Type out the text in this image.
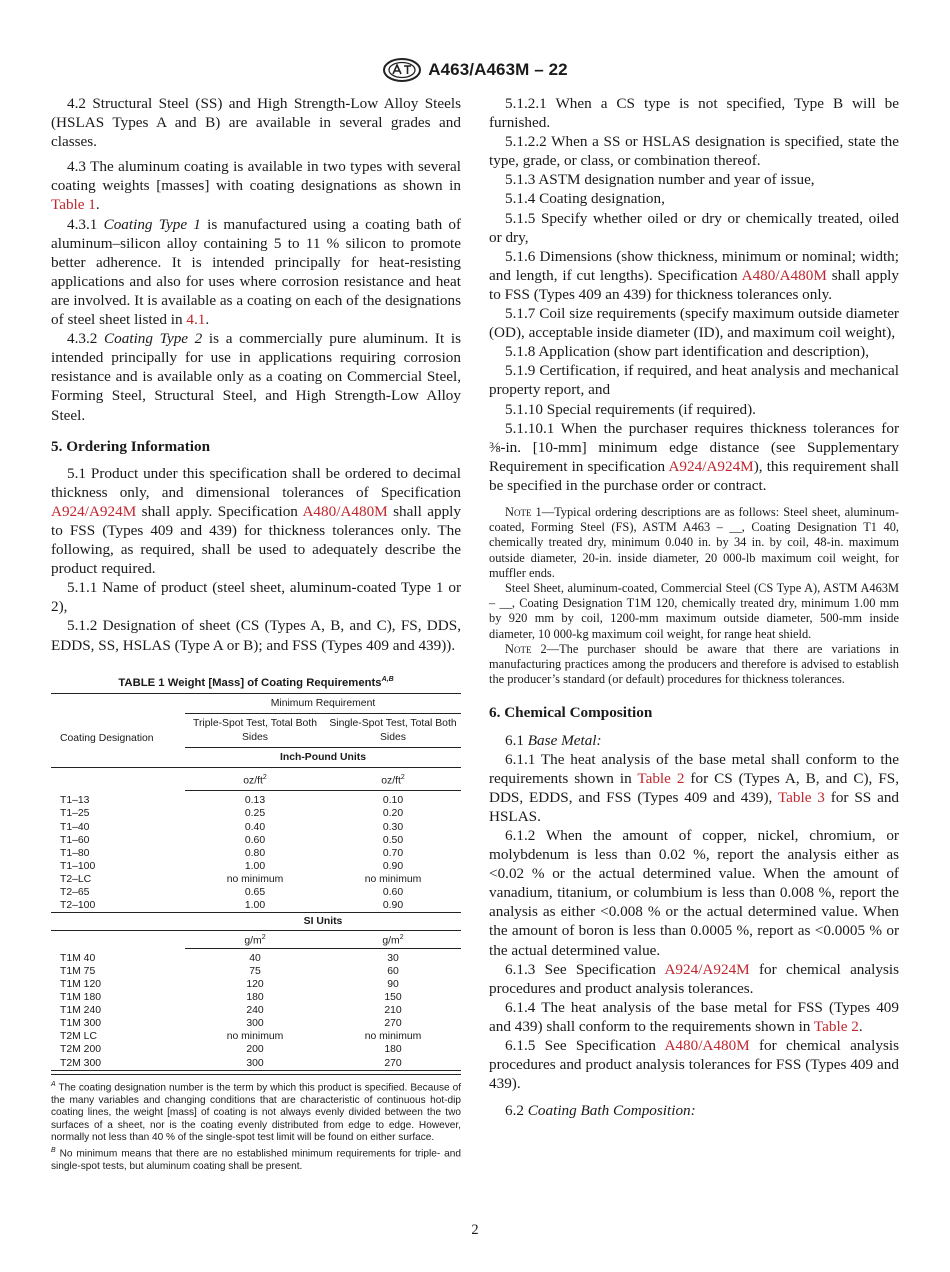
A463/A463M – 22

4.2 Structural Steel (SS) and High Strength-Low Alloy Steels (HSLAS Types A and B) are available in several grades and classes.

4.3 The aluminum coating is available in two types with several coating weights [masses] with coating designations as shown in Table 1.

4.3.1 Coating Type 1 is manufactured using a coating bath of aluminum–silicon alloy containing 5 to 11 % silicon to promote better adherence. It is intended principally for heat-resisting applications and also for uses where corrosion resistance and heat are involved. It is available as a coating on each of the designations of steel sheet listed in 4.1.

4.3.2 Coating Type 2 is a commercially pure aluminum. It is intended principally for use in applications requiring corrosion resistance and is available only as a coating on Commercial Steel, Forming Steel, Structural Steel, and High Strength-Low Alloy Steel.

5. Ordering Information

5.1 Product under this specification shall be ordered to decimal thickness only, and dimensional tolerances of Specification A924/A924M shall apply. Specification A480/A480M shall apply to FSS (Types 409 and 439) for thickness tolerances only. The following, as required, shall be used to adequately describe the product required.

5.1.1 Name of product (steel sheet, aluminum-coated Type 1 or 2),

5.1.2 Designation of sheet (CS (Types A, B, and C), FS, DDS, EDDS, SS, HSLAS (Type A or B); and FSS (Types 409 and 439)).

TABLE 1 Weight [Mass] of Coating Requirements$^{A,B}$

Coating Designation	Minimum Requirement	
	Triple-Spot Test, Total Both Sides	Single-Spot Test, Total Both Sides
	Inch-Pound Units	
	$oz/ft^2$	$oz/ft^2$
T1–13	0.13	0.10
T1–25	0.25	0.20
T1–40	0.40	0.30
T1–60	0.60	0.50
T1–80	0.80	0.70
T1–100	1.00	0.90
T2–LC	no minimum	no minimum
T2–65	0.65	0.60
T2–100	1.00	0.90
	SI Units	
	$g/m^2$	$g/m^2$
T1M 40	40	30
T1M 75	75	60
T1M 120	120	90
T1M 180	180	150
T1M 240	240	210
T1M 300	300	270
T2M LC	no minimum	no minimum
T2M 200	200	180
T2M 300	300	270

$^A$ The coating designation number is the term by which this product is specified. Because of the many variables and changing conditions that are characteristic of continuous hot-dip coating lines, the weight [mass] of coating is not always evenly divided between the two surfaces of a sheet, nor is the coating evenly distributed from edge to edge. However, normally not less than 40 % of the single-spot test limit will be found on either surface.

$^B$ No minimum means that there are no established minimum requirements for triple- and single-spot tests, but aluminum coating shall be present.

5.1.2.1 When a CS type is not specified, Type B will be furnished.

5.1.2.2 When a SS or HSLAS designation is specified, state the type, grade, or class, or combination thereof.

5.1.3 ASTM designation number and year of issue,

5.1.4 Coating designation,

5.1.5 Specify whether oiled or dry or chemically treated, oiled or dry,

5.1.6 Dimensions (show thickness, minimum or nominal; width; and length, if cut lengths). Specification A480/A480M shall apply to FSS (Types 409 an 439) for thickness tolerances only.

5.1.7 Coil size requirements (specify maximum outside diameter (OD), acceptable inside diameter (ID), and maximum coil weight),

5.1.8 Application (show part identification and description),

5.1.9 Certification, if required, and heat analysis and mechanical property report, and

5.1.10 Special requirements (if required).

5.1.10.1 When the purchaser requires thickness tolerances for ⅜-in. [10-mm] minimum edge distance (see Supplementary Requirement in specification A924/A924M), this requirement shall be specified in the purchase order or contract.

Note 1—Typical ordering descriptions are as follows: Steel sheet, aluminum-coated, Forming Steel (FS), ASTM A463 – __, Coating Designation T1 40, chemically treated dry, minimum 0.040 in. by 34 in. by coil, 48-in. maximum outside diameter, 20-in. inside diameter, 20 000-lb maximum coil weight, for muffler ends.

Steel Sheet, aluminum-coated, Commercial Steel (CS Type A), ASTM A463M – __, Coating Designation T1M 120, chemically treated dry, minimum 1.00 mm by 920 mm by coil, 1200-mm maximum outside diameter, 500-mm inside diameter, 10 000-kg maximum coil weight, for range heat shield.

Note 2—The purchaser should be aware that there are variations in manufacturing practices among the producers and therefore is advised to establish the producer’s standard (or default) procedures for thickness tolerances.

6. Chemical Composition

6.1 Base Metal:

6.1.1 The heat analysis of the base metal shall conform to the requirements shown in Table 2 for CS (Types A, B, and C), FS, DDS, EDDS, and FSS (Types 409 and 439), Table 3 for SS and HSLAS.

6.1.2 When the amount of copper, nickel, chromium, or molybdenum is less than 0.02 %, report the analysis either as <0.02 % or the actual determined value. When the amount of vanadium, titanium, or columbium is less than 0.008 %, report the analysis as either <0.008 % or the actual determined value. When the amount of boron is less than 0.0005 %, report as <0.0005 % or the actual determined value.

6.1.3 See Specification A924/A924M for chemical analysis procedures and product analysis tolerances.

6.1.4 The heat analysis of the base metal for FSS (Types 409 and 439) shall conform to the requirements shown in Table 2.

6.1.5 See Specification A480/A480M for chemical analysis procedures and product analysis tolerances for FSS (Types 409 and 439).

6.2 Coating Bath Composition:

2
